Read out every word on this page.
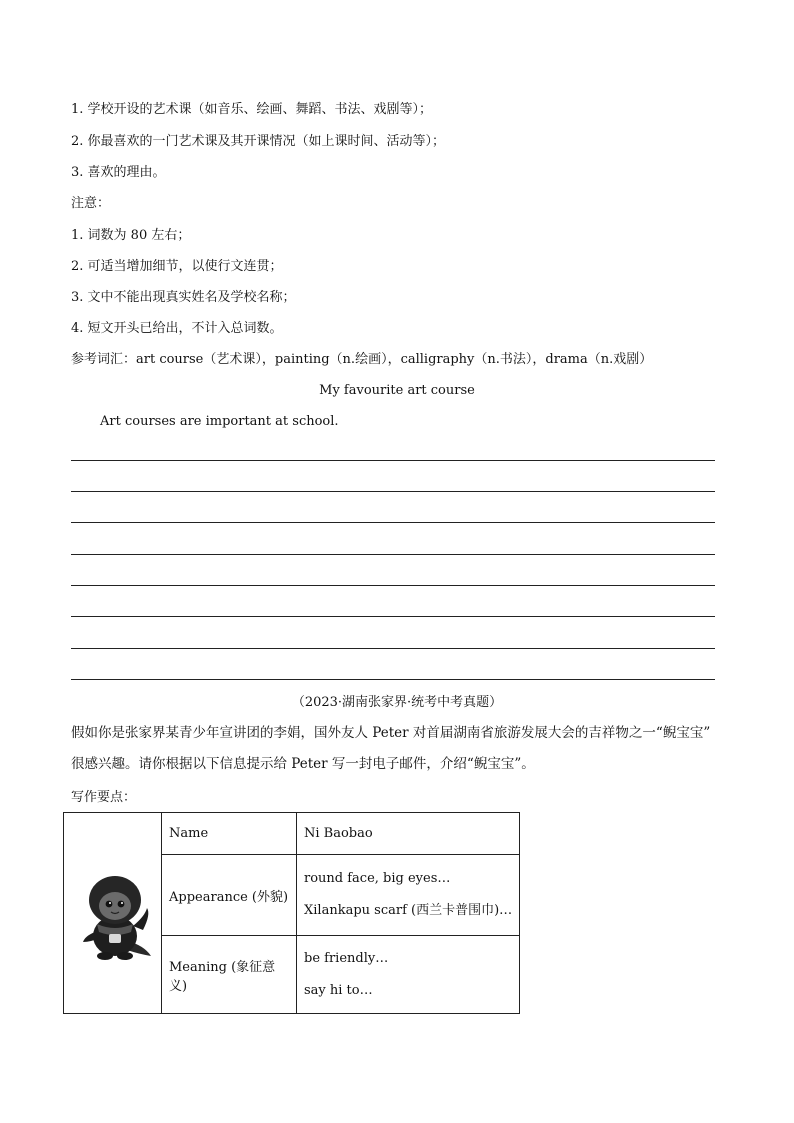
1. 学校开设的艺术课（如音乐、绘画、舞蹈、书法、戏剧等）；
2. 你最喜欢的一门艺术课及其开课情况（如上课时间、活动等）；
3. 喜欢的理由。
注意：
1. 词数为 80 左右；
2. 可适当增加细节，以使行文连贯；
3. 文中不能出现真实姓名及学校名称；
4. 短文开头已给出，不计入总词数。
参考词汇：art course（艺术课），painting（n.绘画），calligraphy（n.书法），drama（n.戏剧）
My favourite art course
Art courses are important at school.
（2023·湖南张家界·统考中考真题）
假如你是张家界某青少年宣讲团的李娟，国外友人 Peter 对首届湖南省旅游发展大会的吉祥物之一“鲵宝宝”
很感兴趣。请你根据以下信息提示给 Peter 写一封电子邮件，介绍“鲵宝宝”。
写作要点：
	Name	Ni Baobao
	Appearance (外貌)	round face, big eyes…
Xilankapu scarf (西兰卡普围巾)…

	Meaning (象征意义)	be friendly…
say hi to…
